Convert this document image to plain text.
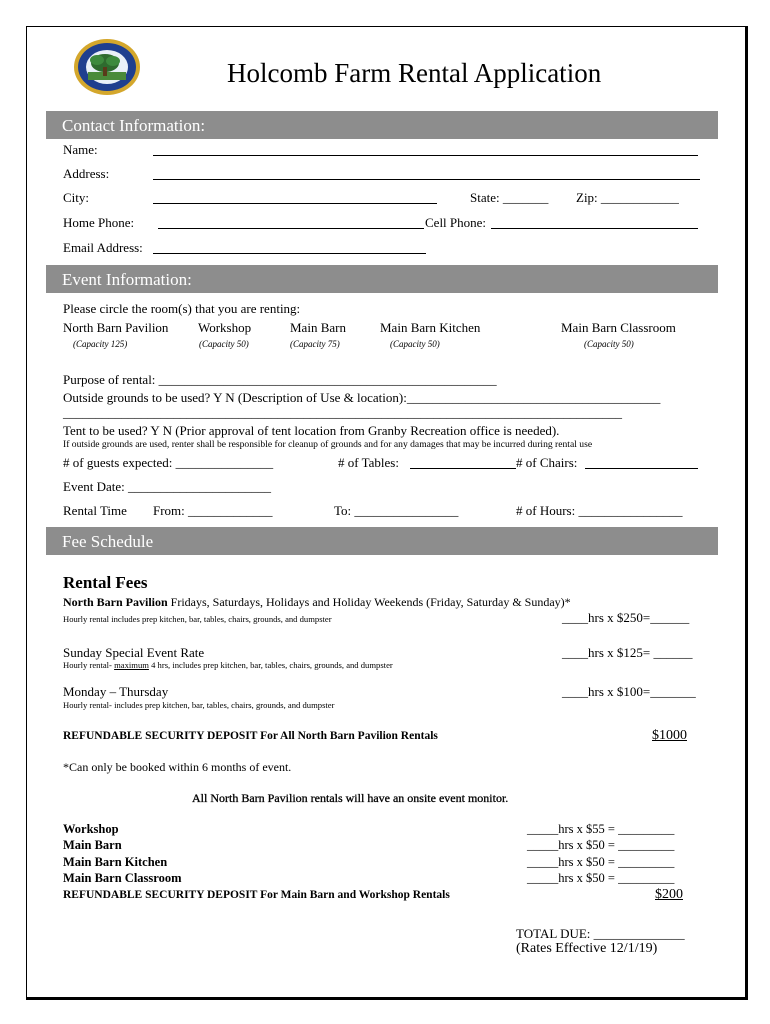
Holcomb Farm Rental Application
Contact Information:
Name:
Address:
City:	State: _______ Zip: ____________
Home Phone:	Cell Phone:
Email Address:
Event Information:
Please circle the room(s) that you are renting:
North Barn Pavilion
(Capacity 125)
Workshop
(Capacity 50)
Main Barn
(Capacity 75)
Main Barn Kitchen
(Capacity 50)
Main Barn Classroom
(Capacity 50)
Purpose of rental: ____________________________________________________
Outside grounds to be used? Y N (Description of Use & location):_______________________________________
______________________________________________________________________________________
Tent to be used? Y N (Prior approval of tent location from Granby Recreation office is needed).
If outside grounds are used, renter shall be responsible for cleanup of grounds and for any damages that may be incurred during rental use
# of guests expected: _______________	# of Tables:	# of Chairs:
Event Date: ______________________
Rental Time From: _____________	To: ________________	# of Hours: ________________
Fee Schedule
Rental Fees
North Barn Pavilion Fridays, Saturdays, Holidays and Holiday Weekends (Friday, Saturday & Sunday)*
Hourly rental includes prep kitchen, bar, tables, chairs, grounds, and dumpster	____hrs x $250=______
Sunday Special Event Rate
Hourly rental- maximum 4 hrs, includes prep kitchen, bar, tables, chairs, grounds, and dumpster
____hrs x $125= ______
Monday – Thursday
Hourly rental- includes prep kitchen, bar, tables, chairs, grounds, and dumpster
____hrs x $100=_______
REFUNDABLE SECURITY DEPOSIT For All North Barn Pavilion Rentals	$1000
*Can only be booked within 6 months of event.
All North Barn Pavilion rentals will have an onsite event monitor.
Workshop	_____hrs x $55 = _________
Main Barn	_____hrs x $50 = _________
Main Barn Kitchen	_____hrs x $50 = _________
Main Barn Classroom	_____hrs x $50 = _________
REFUNDABLE SECURITY DEPOSIT For Main Barn and Workshop Rentals	$200
TOTAL DUE: ______________
(Rates Effective 12/1/19)
